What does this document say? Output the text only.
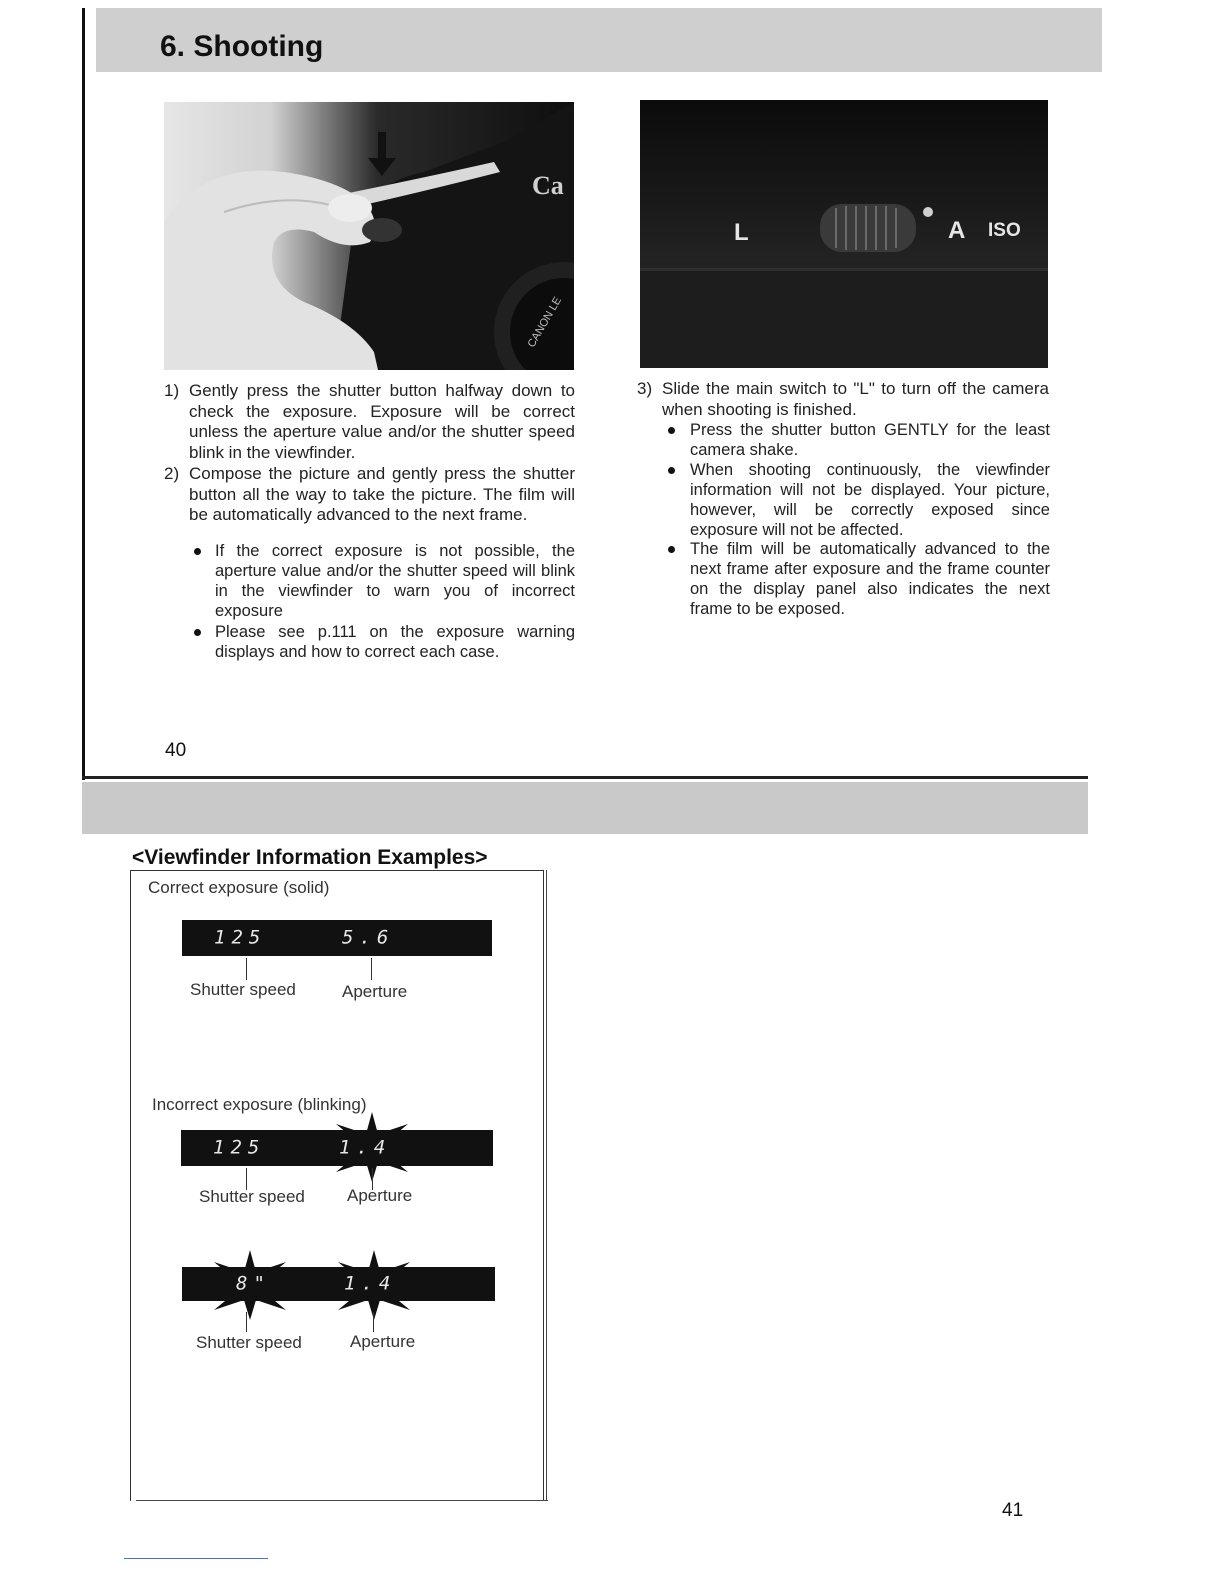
6. Shooting
Ca
CANON LE
L	A ISO
1) Gently press the shutter button halfway down to check the exposure. Exposure will be correct unless the aperture value and/or the shutter speed blink in the viewfinder.
2) Compose the picture and gently press the shutter button all the way to take the picture. The film will be automatically advanced to the next frame.
If the correct exposure is not possible, the aperture value and/or the shutter speed will blink in the viewfinder to warn you of incorrect exposure
Please see p.111 on the exposure warning displays and how to correct each case.
3) Slide the main switch to "L" to turn off the camera when shooting is finished.
Press the shutter button GENTLY for the least camera shake.
When shooting continuously, the viewfinder information will not be displayed. Your picture, however, will be correctly exposed since exposure will not be affected.
The film will be automatically advanced to the next frame after exposure and the frame counter on the display panel also indicates the next frame to be exposed.
40
<Viewfinder Information Examples>
Correct exposure (solid)
125	5.6
Shutter speed	Aperture
Incorrect exposure (blinking)
125	1.4
Shutter speed Aperture
8"	1.4
Shutter speed	Aperture
41
